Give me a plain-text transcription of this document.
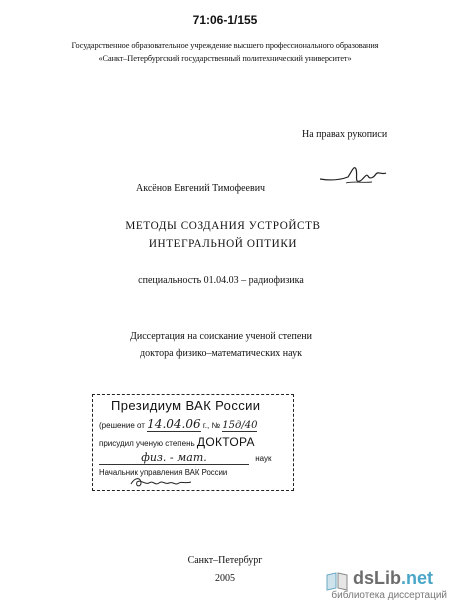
71:06-1/155
Государственное образовательное учреждение высшего профессионального образования
«Санкт–Петербургский государственный политехнический университет»
На правах рукописи
Аксёнов Евгений Тимофеевич
МЕТОДЫ СОЗДАНИЯ УСТРОЙСТВ
ИНТЕГРАЛЬНОЙ ОПТИКИ
специальность 01.04.03 – радиофизика
Диссертация на соискание ученой степени
доктора физико–математических наук
Президиум ВАК России
(решение от 14.04.06 г., № 15д/40
присудил ученую степень ДОКТОРА
физ. - мат.	наук
Начальник управления ВАК России
Санкт–Петербург
2005	dsLib.net
библиотека диссертаций
